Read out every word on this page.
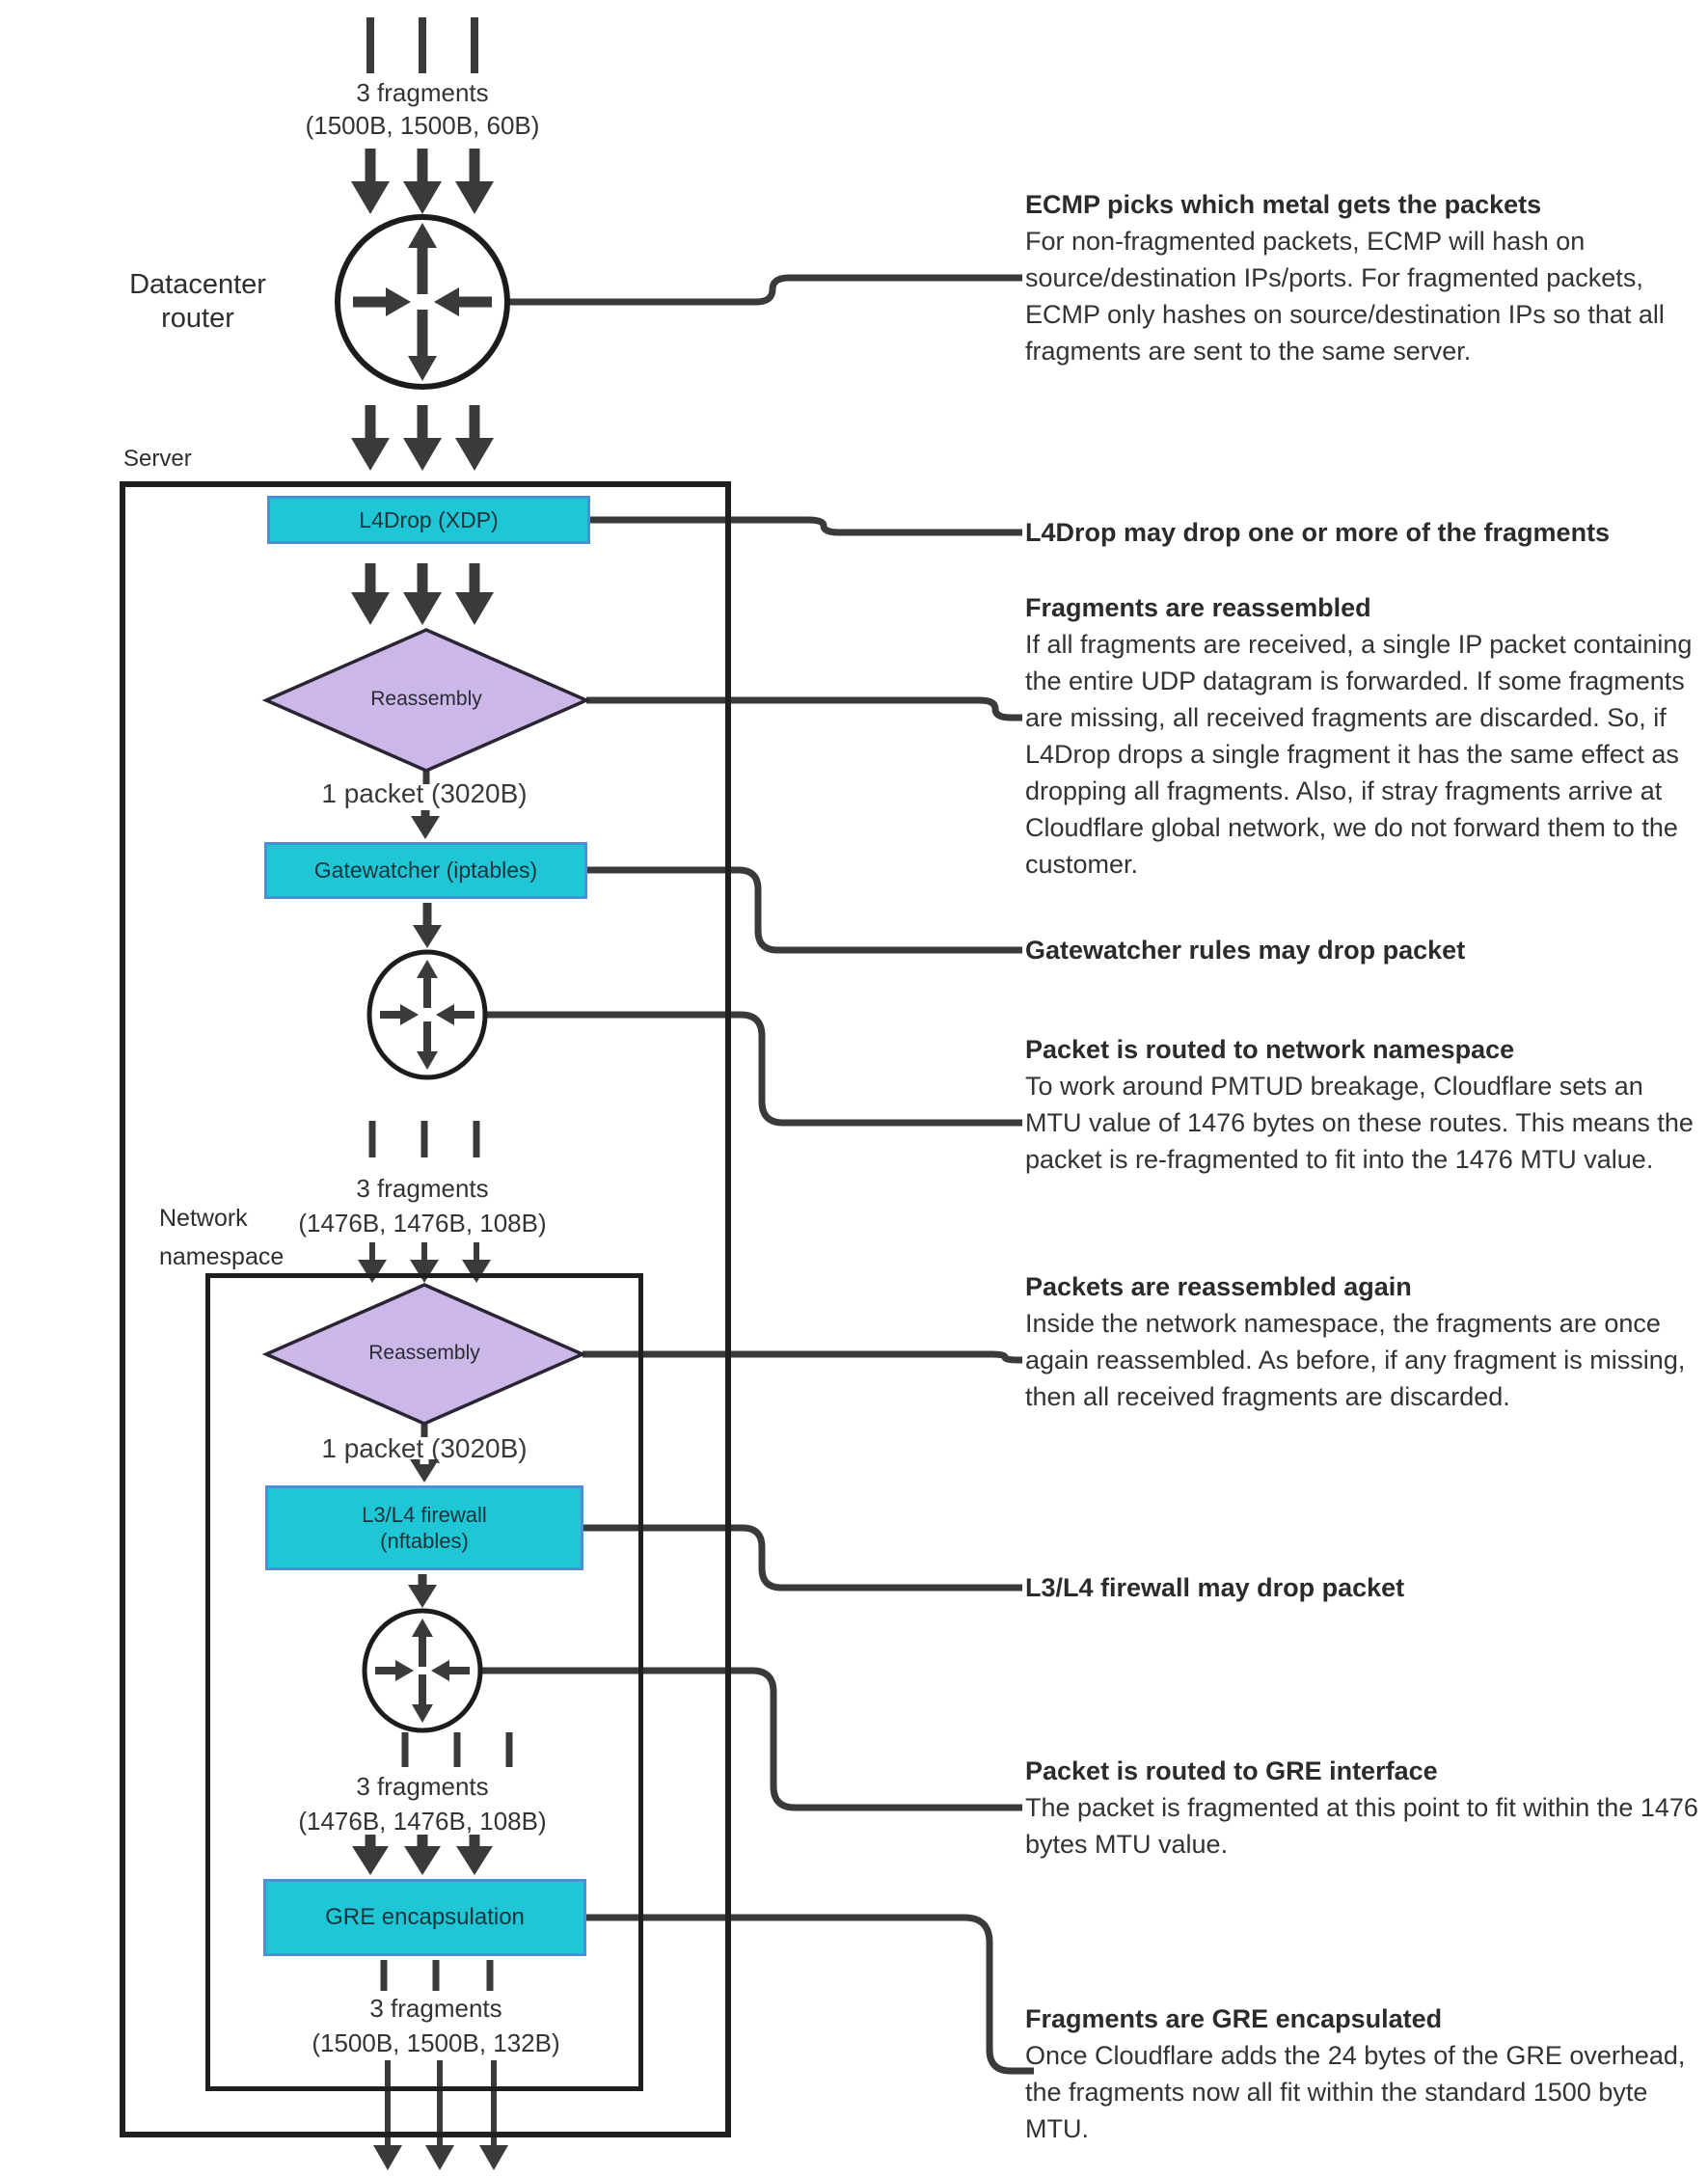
L4Drop (XDP)
Gatewatcher (iptables)
L3/L4 firewall
(nftables)
GRE encapsulation
Reassembly
Reassembly
3 fragments
(1500B, 1500B, 60B)
Datacenter
router
Server
1 packet (3020B)
3 fragments
(1476B, 1476B, 108B)
Network
namespace
1 packet (3020B)
3 fragments
(1476B, 1476B, 108B)
3 fragments
(1500B, 1500B, 132B)
ECMP picks which metal gets the packets
For non-fragmented packets, ECMP will hash on source/destination IPs/ports. For fragmented packets, ECMP only hashes on source/destination IPs so that all fragments are sent to the same server.
L4Drop may drop one or more of the fragments
Fragments are reassembled
If all fragments are received, a single IP packet containing the entire UDP datagram is forwarded. If some fragments are missing, all received fragments are discarded. So, if L4Drop drops a single fragment it has the same effect as dropping all fragments. Also, if stray fragments arrive at Cloudflare global network, we do not forward them to the customer.
Gatewatcher rules may drop packet
Packet is routed to network namespace
To work around PMTUD breakage, Cloudflare sets an MTU value of 1476 bytes on these routes. This means the packet is re-fragmented to fit into the 1476 MTU value.
Packets are reassembled again
Inside the network namespace, the fragments are once again reassembled. As before, if any fragment is missing, then all received fragments are discarded.
L3/L4 firewall may drop packet
Packet is routed to GRE interface
The packet is fragmented at this point to fit within the 1476 bytes MTU value.
Fragments are GRE encapsulated
Once Cloudflare adds the 24 bytes of the GRE overhead, the fragments now all fit within the standard 1500 byte MTU.
